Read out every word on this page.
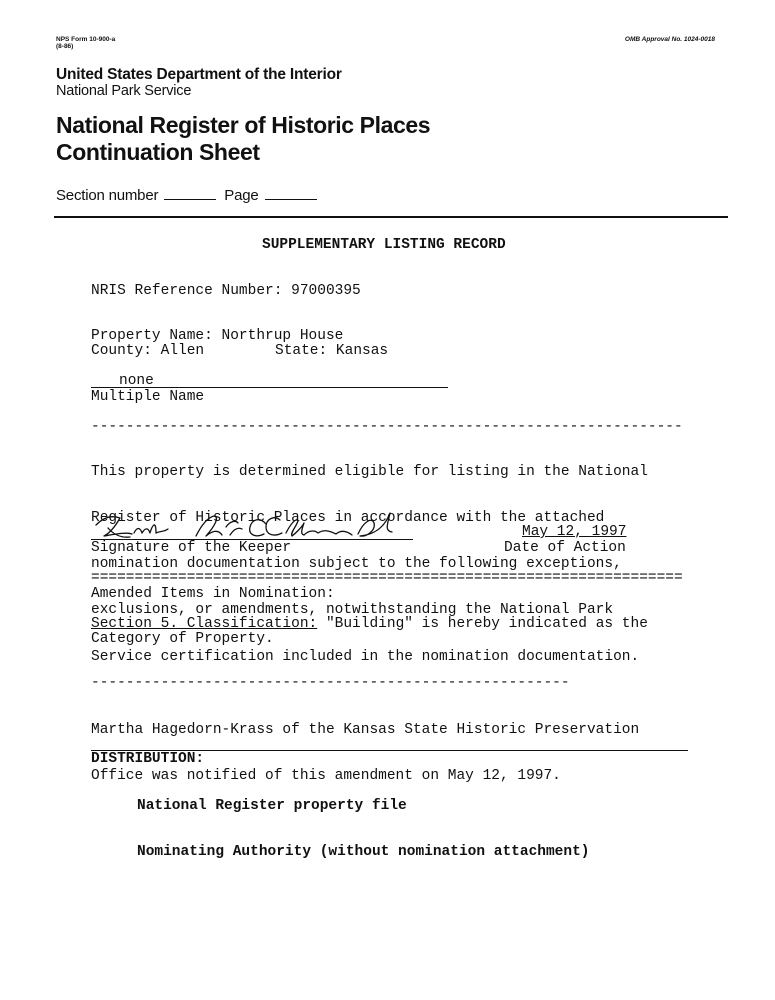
NPS Form 10-900-a
(8-86)
OMB Approval No. 1024-0018
United States Department of the Interior
National Park Service
National Register of Historic Places
Continuation Sheet
Section number	Page
SUPPLEMENTARY LISTING RECORD
NRIS Reference Number: 97000395
Property Name: Northrup House
County: Allen	State: Kansas
none
Multiple Name
--------------------------------------------------------------------

This property is determined eligible for listing in the National

Register of Historic Places in accordance with the attached

nomination documentation subject to the following exceptions,

exclusions, or amendments, notwithstanding the National Park

Service certification included in the nomination documentation.

May 12, 1997
Signature of the Keeper	Date of Action
====================================================================
Amended Items in Nomination:
Section 5. Classification: "Building" is hereby indicated as the
Category of Property.
-------------------------------------------------------

Martha Hagedorn-Krass of the Kansas State Historic Preservation

Office was notified of this amendment on May 12, 1997.

DISTRIBUTION:

National Register property file

Nominating Authority (without nomination attachment)
